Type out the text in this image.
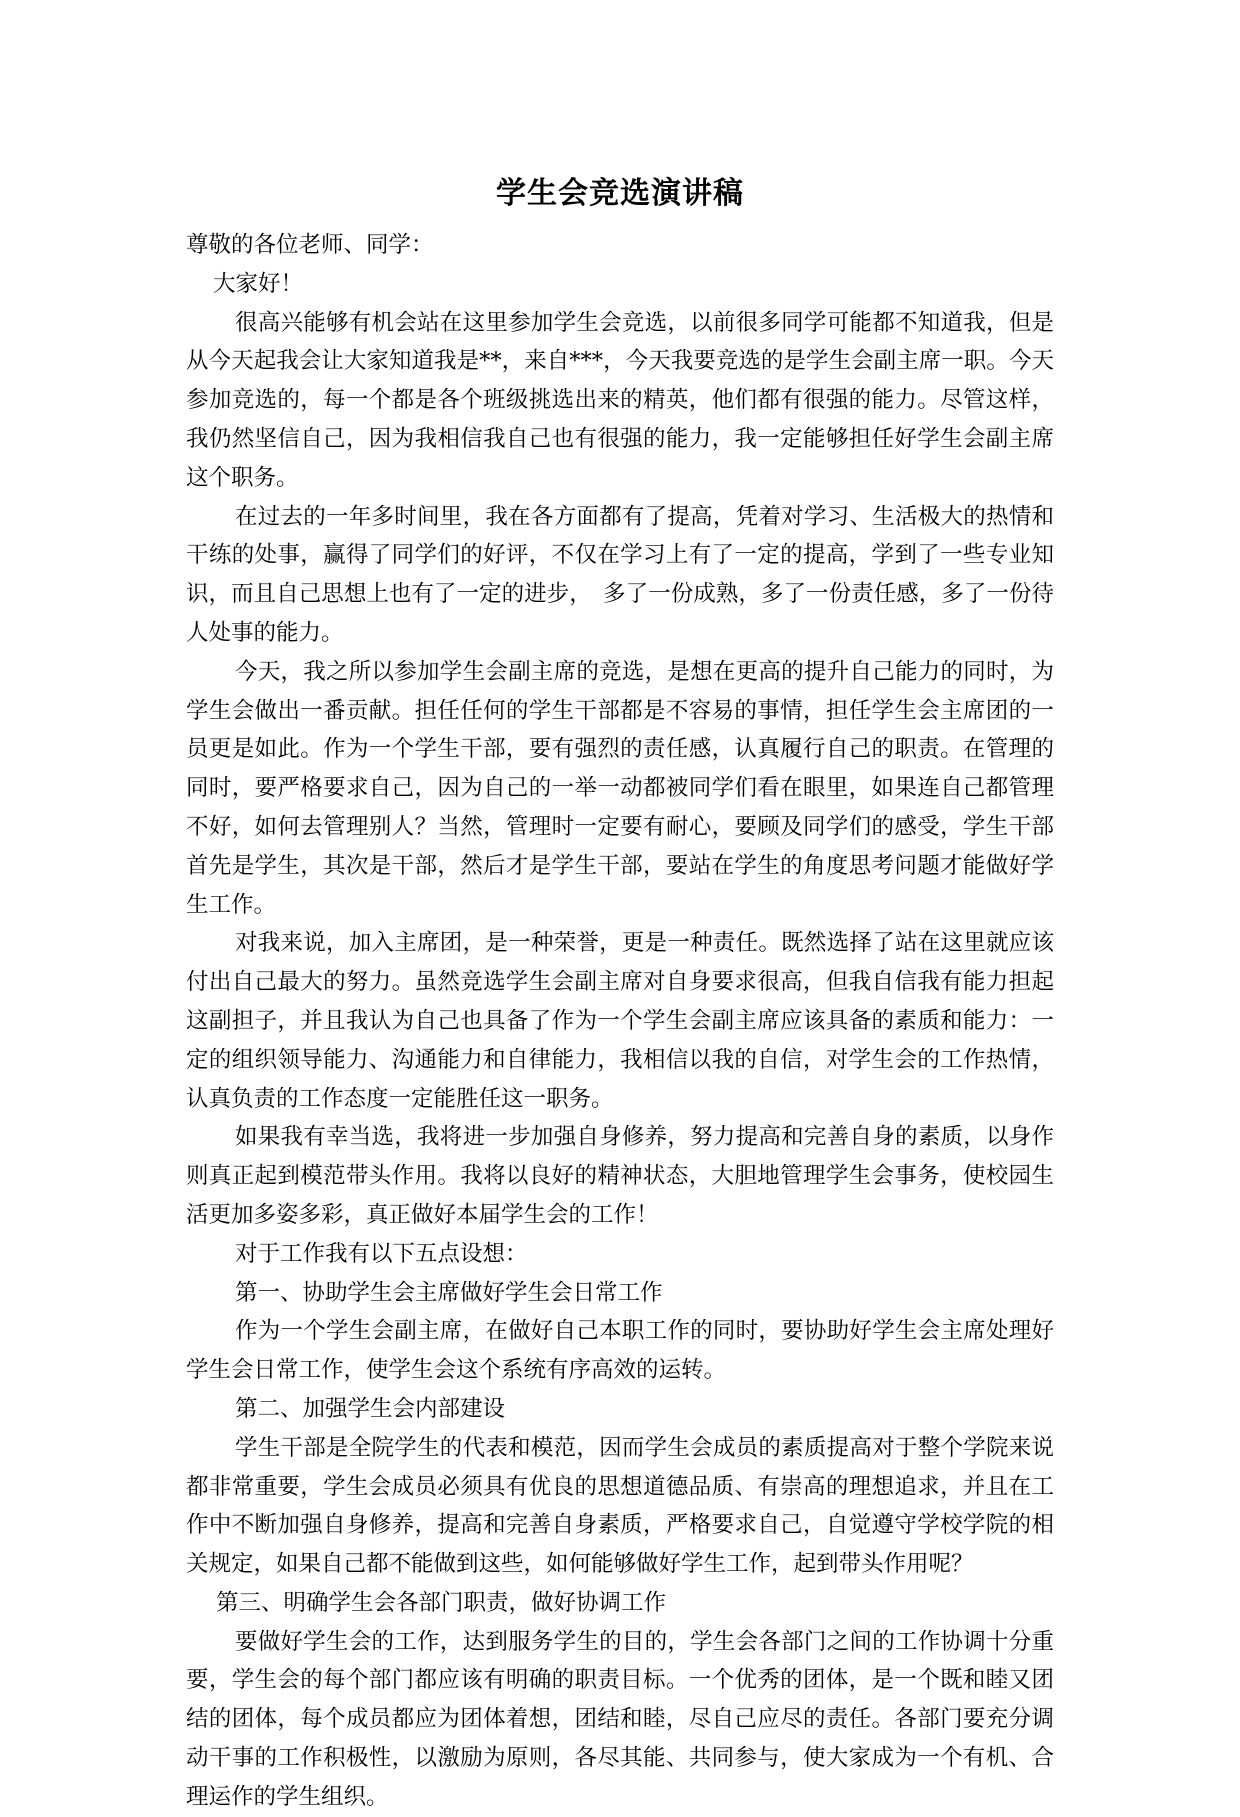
学生会竞选演讲稿

尊敬的各位老师、同学：

大家好！

很高兴能够有机会站在这里参加学生会竞选，以前很多同学可能都不知道我，但是从今天起我会让大家知道我是**，来自***，今天我要竞选的是学生会副主席一职。今天参加竞选的，每一个都是各个班级挑选出来的精英，他们都有很强的能力。尽管这样，我仍然坚信自己，因为我相信我自己也有很强的能力，我一定能够担任好学生会副主席这个职务。

在过去的一年多时间里，我在各方面都有了提高，凭着对学习、生活极大的热情和干练的处事，赢得了同学们的好评，不仅在学习上有了一定的提高，学到了一些专业知识，而且自己思想上也有了一定的进步，　多了一份成熟，多了一份责任感，多了一份待人处事的能力。

今天，我之所以参加学生会副主席的竞选，是想在更高的提升自己能力的同时，为学生会做出一番贡献。担任任何的学生干部都是不容易的事情，担任学生会主席团的一员更是如此。作为一个学生干部，要有强烈的责任感，认真履行自己的职责。在管理的同时，要严格要求自己，因为自己的一举一动都被同学们看在眼里，如果连自己都管理不好，如何去管理别人？当然，管理时一定要有耐心，要顾及同学们的感受，学生干部首先是学生，其次是干部，然后才是学生干部，要站在学生的角度思考问题才能做好学生工作。

对我来说，加入主席团，是一种荣誉，更是一种责任。既然选择了站在这里就应该付出自己最大的努力。虽然竞选学生会副主席对自身要求很高，但我自信我有能力担起这副担子，并且我认为自己也具备了作为一个学生会副主席应该具备的素质和能力：一定的组织领导能力、沟通能力和自律能力，我相信以我的自信，对学生会的工作热情，认真负责的工作态度一定能胜任这一职务。

如果我有幸当选，我将进一步加强自身修养，努力提高和完善自身的素质，以身作则真正起到模范带头作用。我将以良好的精神状态，大胆地管理学生会事务，使校园生活更加多姿多彩，真正做好本届学生会的工作！

对于工作我有以下五点设想：

第一、协助学生会主席做好学生会日常工作

作为一个学生会副主席，在做好自己本职工作的同时，要协助好学生会主席处理好学生会日常工作，使学生会这个系统有序高效的运转。

第二、加强学生会内部建设

学生干部是全院学生的代表和模范，因而学生会成员的素质提高对于整个学院来说都非常重要，学生会成员必须具有优良的思想道德品质、有崇高的理想追求，并且在工作中不断加强自身修养，提高和完善自身素质，严格要求自己，自觉遵守学校学院的相关规定，如果自己都不能做到这些，如何能够做好学生工作，起到带头作用呢？

第三、明确学生会各部门职责，做好协调工作

要做好学生会的工作，达到服务学生的目的，学生会各部门之间的工作协调十分重要，学生会的每个部门都应该有明确的职责目标。一个优秀的团体，是一个既和睦又团结的团体，每个成员都应为团体着想，团结和睦，尽自己应尽的责任。各部门要充分调动干事的工作积极性，以激励为原则，各尽其能、共同参与，使大家成为一个有机、合理运作的学生组织。
